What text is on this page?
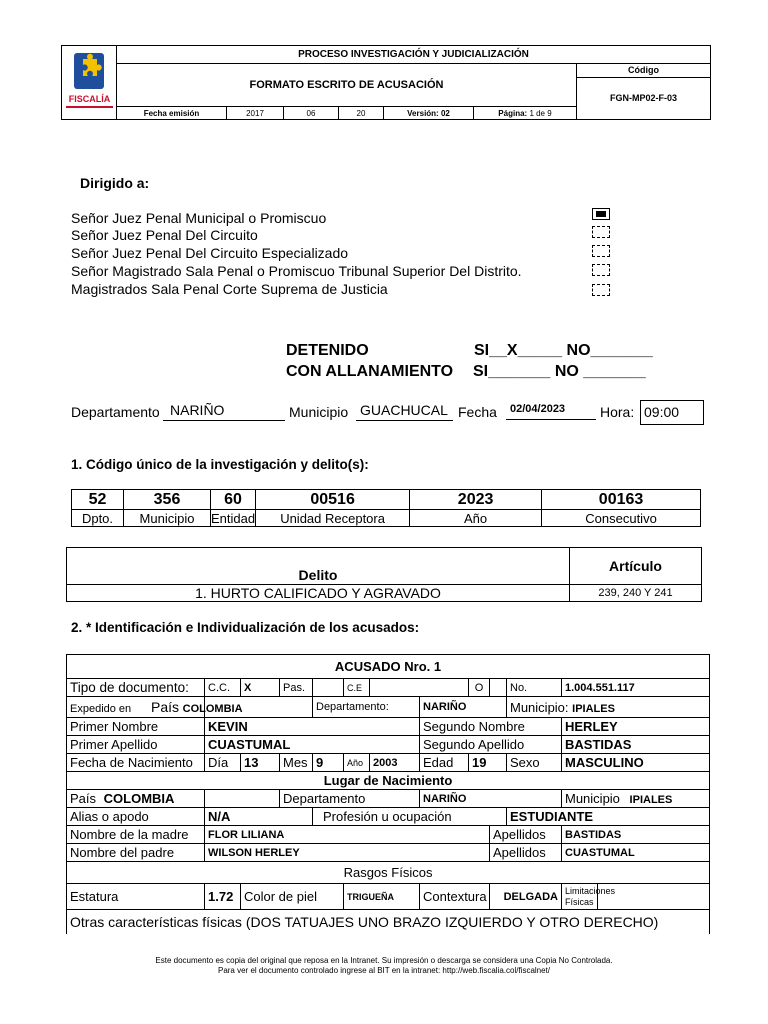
FISCALÍA
PROCESO INVESTIGACIÓN Y JUDICIALIZACIÓN
FORMATO ESCRITO DE ACUSACIÓN
Código
FGN-MP02-F-03
Fecha emisión	2017	06	20	Versión: 02	Página: 1 de 9
Dirigido a:
Señor Juez Penal Municipal o Promiscuo
Señor Juez Penal Del Circuito
Señor Juez Penal Del Circuito Especializado
Señor Magistrado Sala Penal o Promiscuo Tribunal Superior Del Distrito.
Magistrados Sala Penal Corte Suprema de Justicia
DETENIDO	SI__X_____ NO_______
CON ALLANAMIENTO SI_______ NO _______
Departamento NARIÑO	Municipio GUACHUCAL Fecha	02/04/2023	Hora: 09:00
1. Código único de la investigación y delito(s):
52	356	60	00516	2023	00163
Dpto.	Municipio	Entidad	Unidad Receptora	Año	Consecutivo
Delito	Artículo
1. HURTO CALIFICADO Y AGRAVADO	239, 240 Y 241
2. * Identificación e Individualización de los acusados:
ACUSADO Nro. 1												
Tipo de documento:	C.C.	X	Pas.		C.E			O		No.	1.004.551.117	
Expedido en	País COLOMBIA			Departamento:			NARIÑO			Municipio: IPIALES		
Primer Nombre	KEVIN						Segundo Nombre				HERLEY	
Primer Apellido	CUASTUMAL						Segundo Apellido				BASTIDAS	
Fecha de Nacimiento	Día	13	Mes	9	Año	2003	Edad	19		Sexo	MASCULINO	
Lugar de Nacimiento												
País COLOMBIA			Departamento				NARIÑO				Municipio IPIALES	
Alias o apodo	N/A			Profesión u ocupación						ESTUDIANTE		
Nombre de la madre	FLOR LILIANA								Apellidos		BASTIDAS	
Nombre del padre	WILSON HERLEY								Apellidos		CUASTUMAL	
Rasgos Físicos												
Estatura	1.72	Color de piel			TRIGUEÑA		Contextura		DELGADA		Limitaciones Físicas	
Otras características físicas (DOS TATUAJES UNO BRAZO IZQUIERDO Y OTRO DERECHO)												
Este documento es copia del original que reposa en la Intranet. Su impresión o descarga se considera una Copia No Controlada.
Para ver el documento controlado ingrese al BIT en la intranet: http://web.fiscalia.col/fiscalnet/
